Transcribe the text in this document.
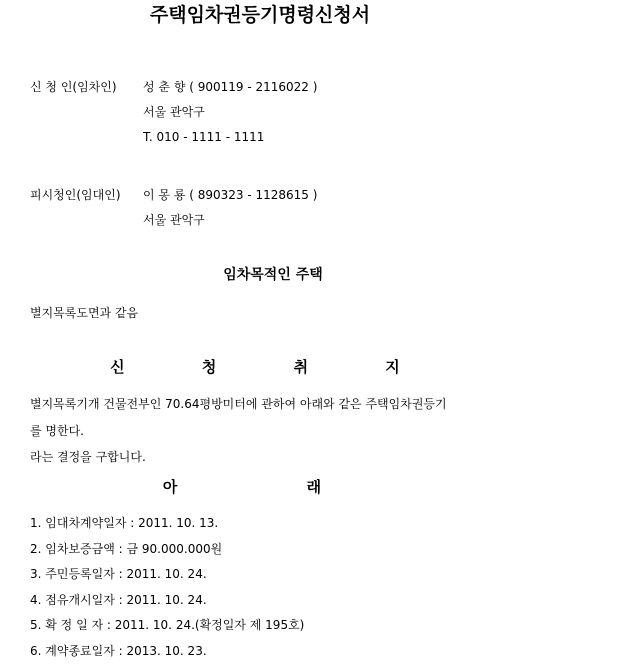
주택임차권등기명령신청서
신 청 인(임차인) 성 춘 향 ( 900119 - 2116022 )
서울 관악구
T. 010 - 1111 - 1111
피시청인(임대인) 이 몽 룡 ( 890323 - 1128615 )
서울 관악구
임차목적인 주택
별지목록도면과 같음
신 청 취 지
별지목록기개 건물전부인 70.64평방미터에 관하여 아래와 같은 주택임차권등기
를 명한다.
라는 결정을 구합니다.
아 래
1. 임대차계약일자 : 2011. 10. 13.
2. 임차보증금액 : 금 90.000.000원
3. 주민등록일자 : 2011. 10. 24.
4. 점유개시일자 : 2011. 10. 24.
5. 확 정 일 자 : 2011. 10. 24.(확정일자 제 195호)
6. 계약종료일자 : 2013. 10. 23.
